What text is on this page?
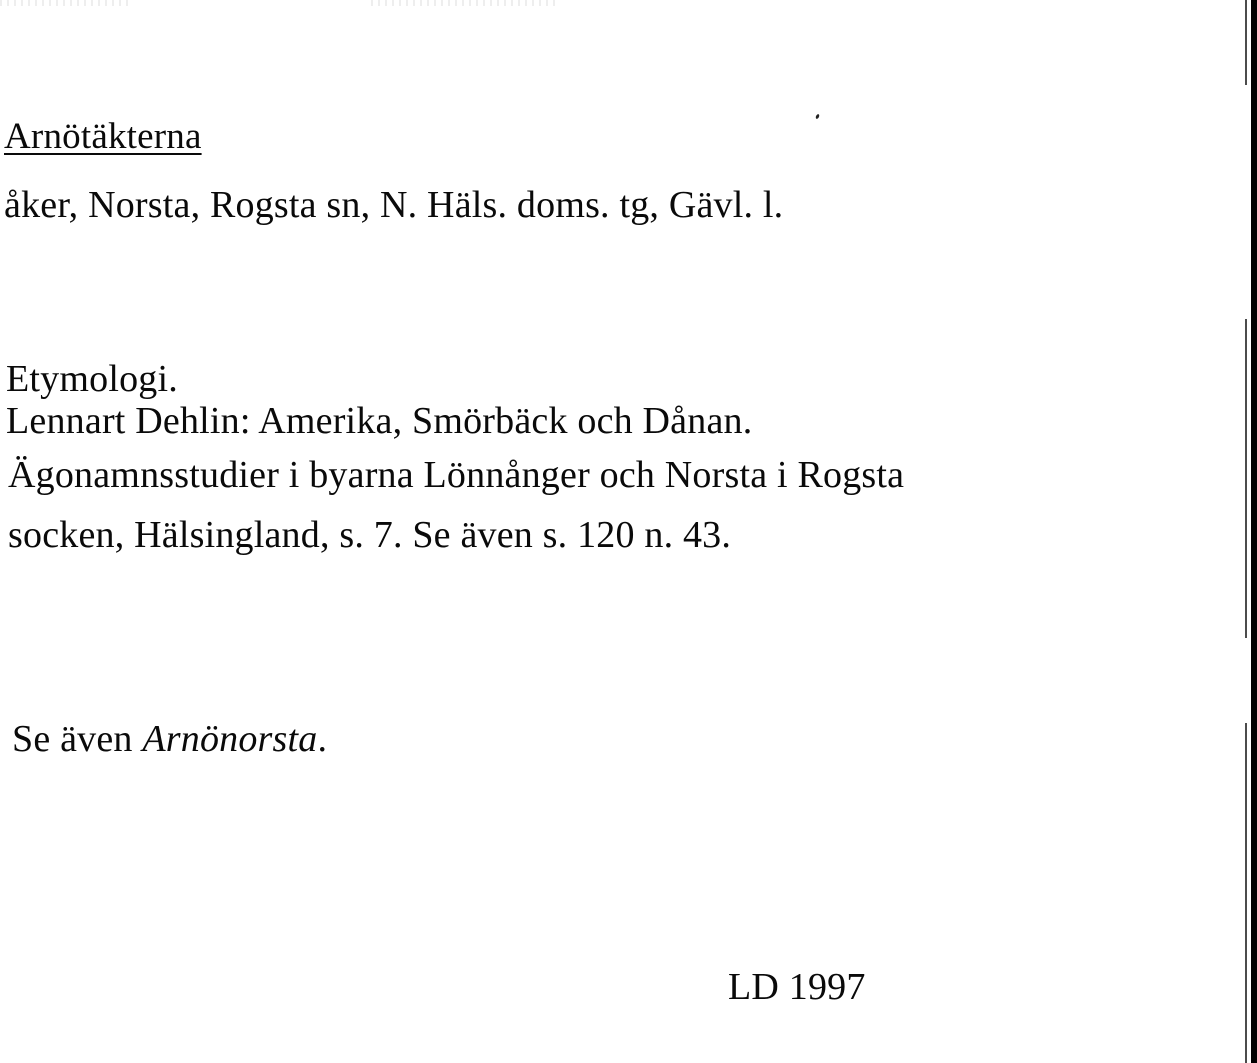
Arnötäkterna
åker, Norsta, Rogsta sn, N. Häls. doms. tg, Gävl. l.
Etymologi.
Lennart Dehlin: Amerika, Smörbäck och Dånan.
Ägonamnsstudier i byarna Lönnånger och Norsta i Rogsta
socken, Hälsingland, s. 7. Se även s. 120 n. 43.
Se även Arnönorsta.
LD 1997
